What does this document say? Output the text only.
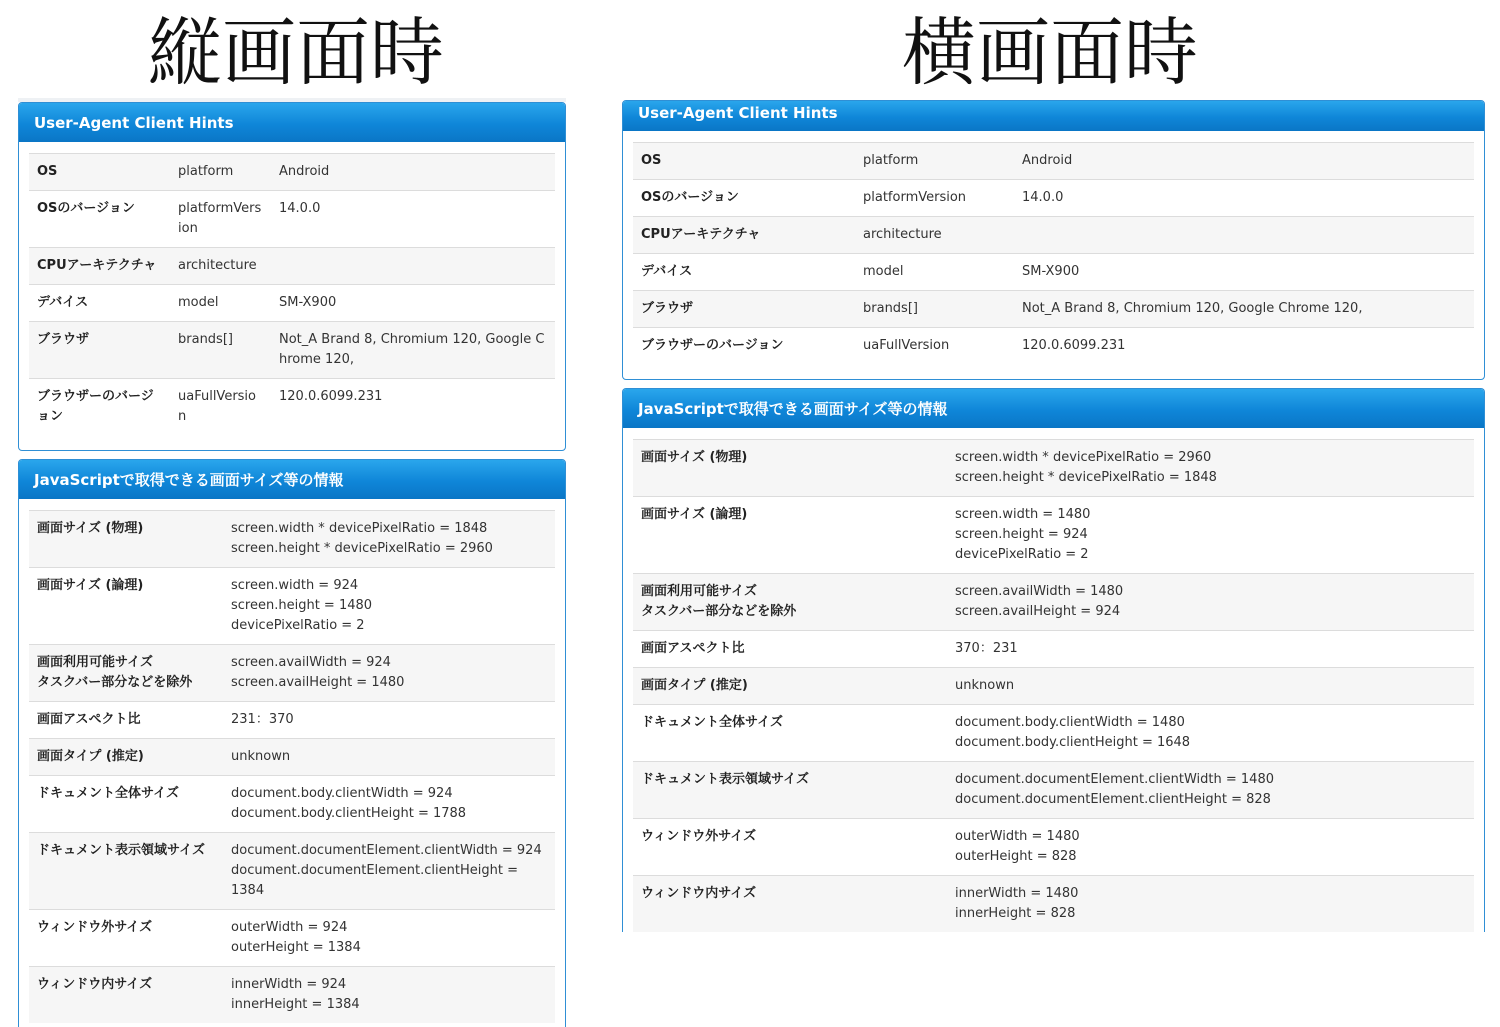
縦画面時	横画面時
User-Agent Client Hints
OS	platform	Android
OSのバージョン	platformVersion	14.0.0
CPUアーキテクチャ	architecture	
デバイス	model	SM-X900
ブラウザ	brands[]	Not_A Brand 8, Chromium 120, Google Chrome 120,
ブラウザーのバージョン	uaFullVersion	120.0.6099.231
JavaScriptで取得できる画面サイズ等の情報
画面サイズ (物理)	screen.width * devicePixelRatio = 1848
screen.height * devicePixelRatio = 2960

画面サイズ (論理)	screen.width = 924
screen.height = 1480
devicePixelRatio = 2

画面利用可能サイズ
タスクバー部分などを除外	screen.availWidth = 924
screen.availHeight = 1480

画面アスペクト比	231：370

画面タイプ (推定)	unknown

ドキュメント全体サイズ	document.body.clientWidth = 924
document.body.clientHeight = 1788

ドキュメント表示領域サイズ	document.documentElement.clientWidth = 924
document.documentElement.clientHeight = 1384

ウィンドウ外サイズ	outerWidth = 924
outerHeight = 1384

ウィンドウ内サイズ	innerWidth = 924
innerHeight = 1384
User-Agent Client Hints
OS	platform	Android
OSのバージョン	platformVersion	14.0.0
CPUアーキテクチャ	architecture	
デバイス	model	SM-X900
ブラウザ	brands[]	Not_A Brand 8, Chromium 120, Google Chrome 120,
ブラウザーのバージョン	uaFullVersion	120.0.6099.231
JavaScriptで取得できる画面サイズ等の情報
画面サイズ (物理)	screen.width * devicePixelRatio = 2960
screen.height * devicePixelRatio = 1848

画面サイズ (論理)	screen.width = 1480
screen.height = 924
devicePixelRatio = 2

画面利用可能サイズ
タスクバー部分などを除外	screen.availWidth = 1480
screen.availHeight = 924

画面アスペクト比	370：231

画面タイプ (推定)	unknown

ドキュメント全体サイズ	document.body.clientWidth = 1480
document.body.clientHeight = 1648

ドキュメント表示領域サイズ	document.documentElement.clientWidth = 1480
document.documentElement.clientHeight = 828

ウィンドウ外サイズ	outerWidth = 1480
outerHeight = 828

ウィンドウ内サイズ	innerWidth = 1480
innerHeight = 828
